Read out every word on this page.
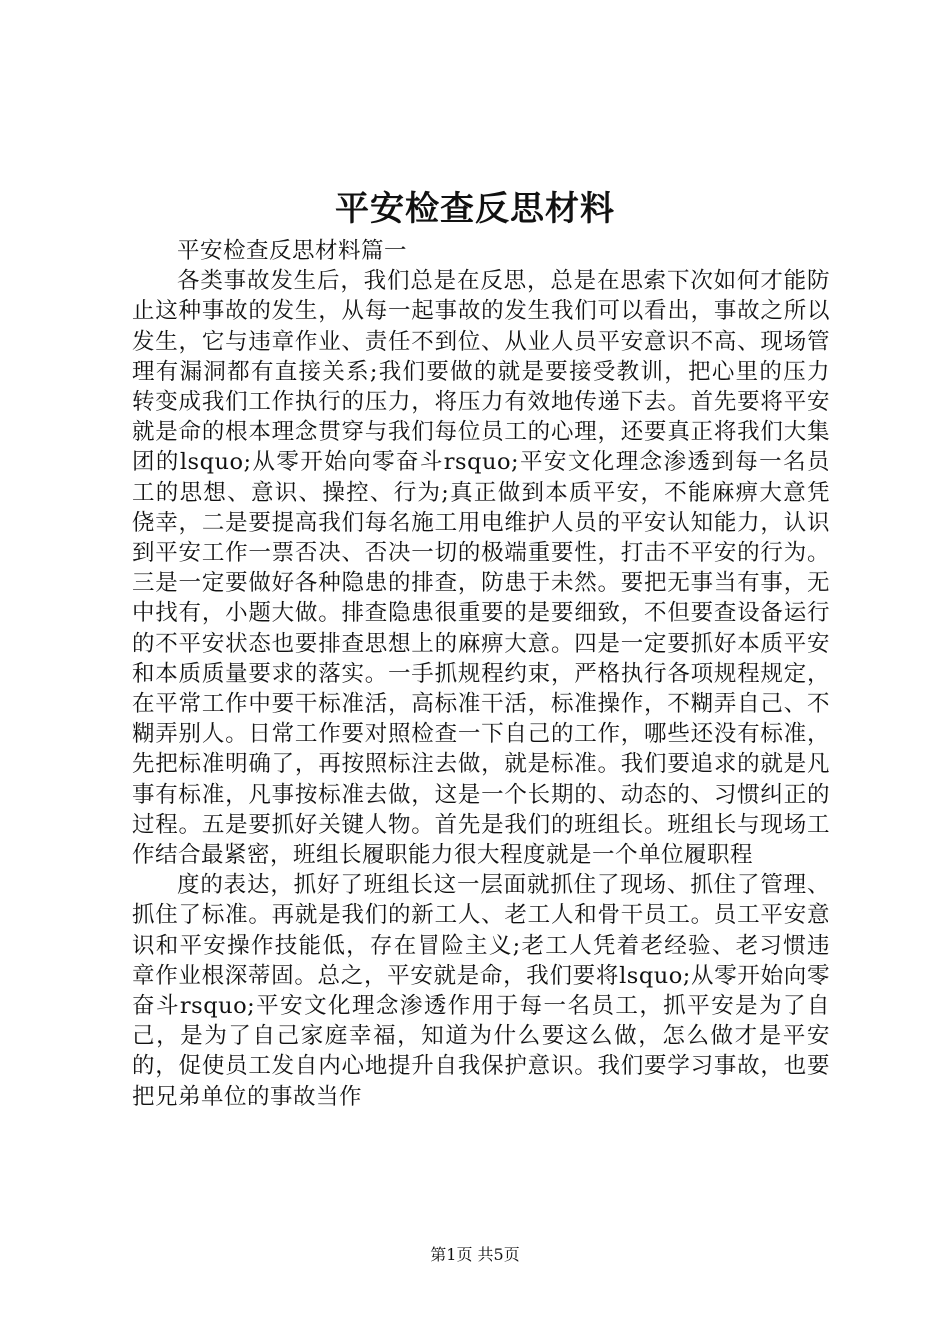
平安检查反思材料

平安检查反思材料篇一

各类事故发生后，我们总是在反思，总是在思索下次如何才能防止这种事故的发生，从每一起事故的发生我们可以看出，事故之所以发生，它与违章作业、责任不到位、从业人员平安意识不高、现场管理有漏洞都有直接关系;我们要做的就是要接受教训，把心里的压力转变成我们工作执行的压力，将压力有效地传递下去。首先要将平安就是命的根本理念贯穿与我们每位员工的心理，还要真正将我们大集团的lsquo;从零开始向零奋斗rsquo;平安文化理念渗透到每一名员工的思想、意识、操控、行为;真正做到本质平安，不能麻痹大意凭侥幸，二是要提高我们每名施工用电维护人员的平安认知能力，认识到平安工作一票否决、否决一切的极端重要性，打击不平安的行为。三是一定要做好各种隐患的排查，防患于未然。要把无事当有事，无中找有，小题大做。排查隐患很重要的是要细致，不但要查设备运行的不平安状态也要排查思想上的麻痹大意。四是一定要抓好本质平安和本质质量要求的落实。一手抓规程约束，严格执行各项规程规定，在平常工作中要干标准活，高标准干活，标准操作，不糊弄自己、不糊弄别人。日常工作要对照检查一下自己的工作，哪些还没有标准，先把标准明确了，再按照标注去做，就是标准。我们要追求的就是凡事有标准，凡事按标准去做，这是一个长期的、动态的、习惯纠正的过程。五是要抓好关键人物。首先是我们的班组长。班组长与现场工作结合最紧密，班组长履职能力很大程度就是一个单位履职程

度的表达，抓好了班组长这一层面就抓住了现场、抓住了管理、抓住了标准。再就是我们的新工人、老工人和骨干员工。员工平安意识和平安操作技能低，存在冒险主义;老工人凭着老经验、老习惯违章作业根深蒂固。总之，平安就是命，我们要将lsquo;从零开始向零奋斗rsquo;平安文化理念渗透作用于每一名员工，抓平安是为了自己，是为了自己家庭幸福，知道为什么要这么做，怎么做才是平安的，促使员工发自内心地提升自我保护意识。我们要学习事故，也要把兄弟单位的事故当作

第1页 共5页
